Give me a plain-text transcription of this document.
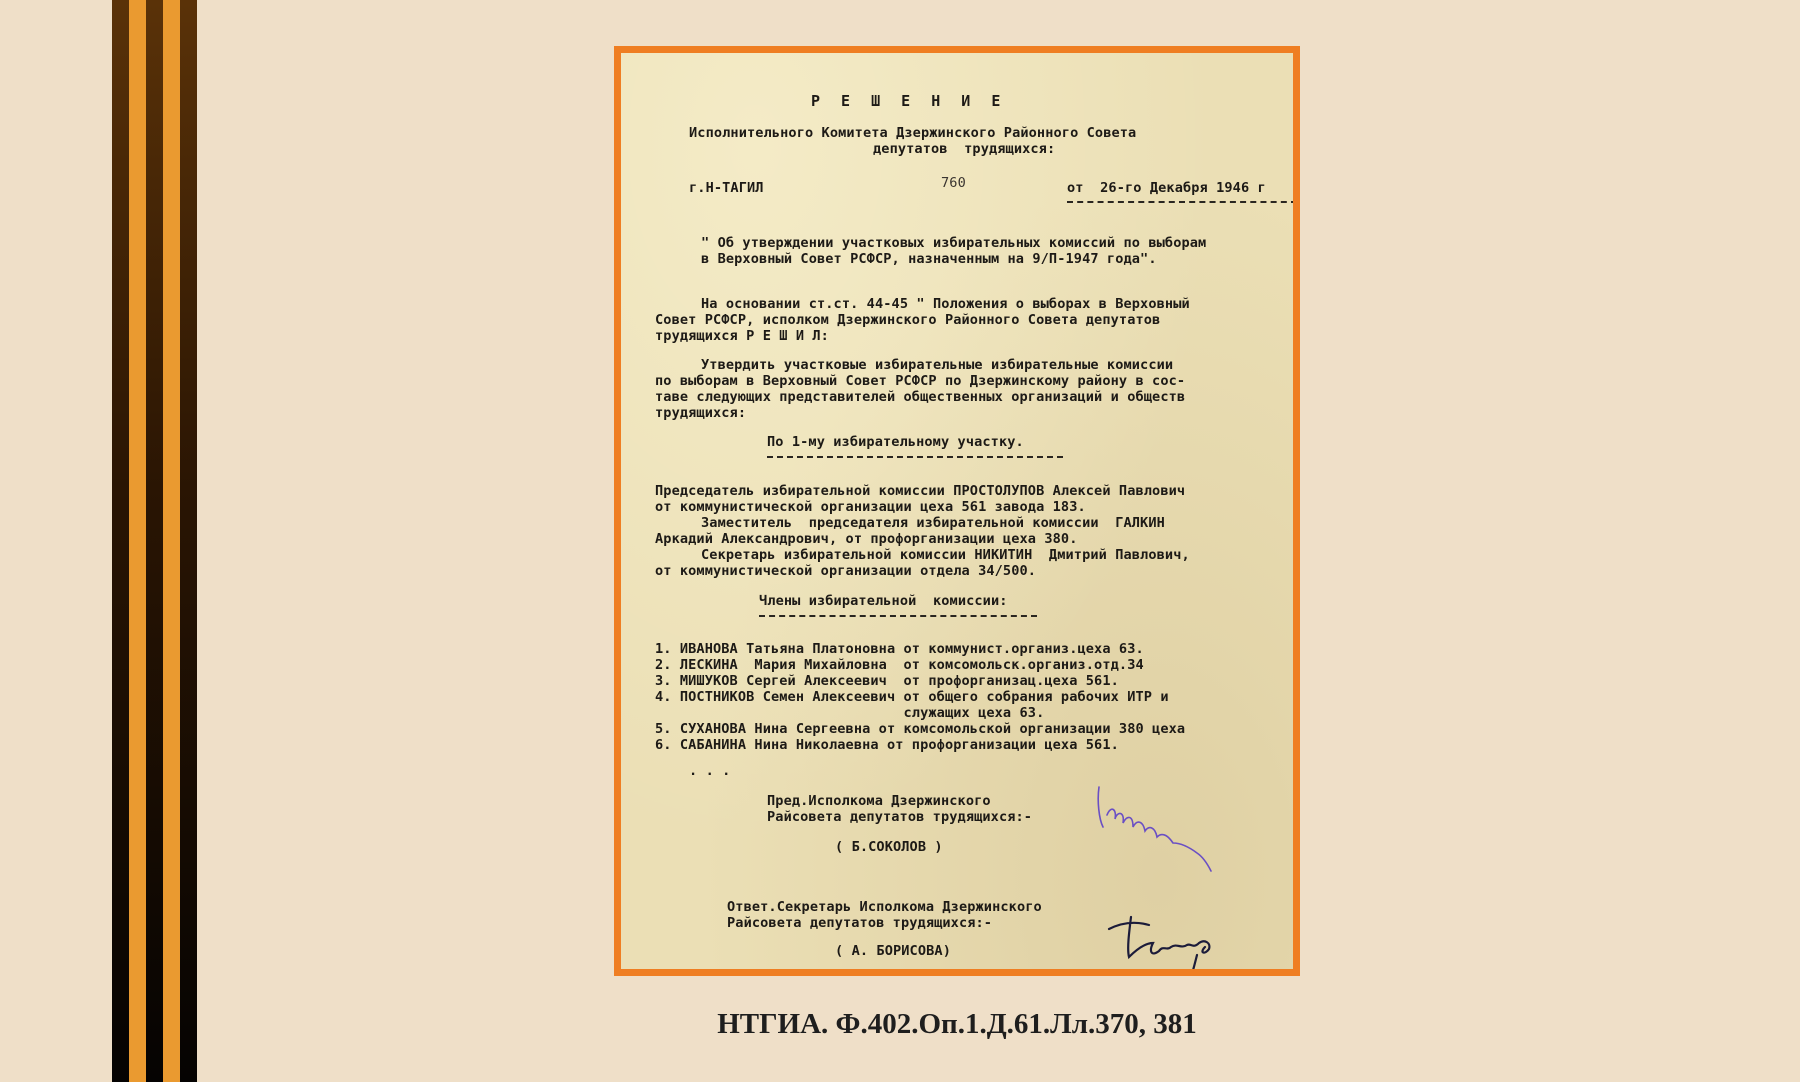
Р Е Ш Е Н И Е
Исполнительного Комитета Дзержинского Районного Совета
депутатов  трудящихся:
г.Н-ТАГИЛ	760	от  26-го Декабря 1946 г
" Об утверждении участковых избирательных комиссий по выборам
в Верховный Совет РСФСР, назначенным на 9/П-1947 года".
На основании ст.ст. 44-45 " Положения о выборах в Верховный
Совет РСФСР, исполком Дзержинского Районного Совета депутатов
трудящихся Р Е Ш И Л:
Утвердить участковые избирательные избирательные комиссии
по выборам в Верховный Совет РСФСР по Дзержинскому району в сос-
таве следующих представителей общественных организаций и обществ
трудящихся:
По 1-му избирательному участку.
Председатель избирательной комиссии ПРОСТОЛУПОВ Алексей Павлович
от коммунистической организации цеха 561 завода 183.
Заместитель  председателя избирательной комиссии  ГАЛКИН
Аркадий Александрович, от профорганизации цеха 380.
Секретарь избирательной комиссии НИКИТИН  Дмитрий Павлович,
от коммунистической организации отдела 34/500.
Члены избирательной  комиссии:
1. ИВАНОВА Татьяна Платоновна от коммунист.организ.цеха 63.
2. ЛЕСКИНА  Мария Михайловна  от комсомольск.организ.отд.34
3. МИШУКОВ Сергей Алексеевич  от профорганизац.цеха 561.
4. ПОСТНИКОВ Семен Алексеевич от общего собрания рабочих ИТР и
служащих цеха 63.
5. СУХАНОВА Нина Сергеевна от комсомольской организации 380 цеха
6. САБАНИНА Нина Николаевна от профорганизации цеха 561.
. . .
Пред.Исполкома Дзержинского
Райсовета депутатов трудящихся:-
( Б.СОКОЛОВ )
Ответ.Секретарь Исполкома Дзержинского
Райсовета депутатов трудящихся:-
( А. БОРИСОВА)
НТГИА. Ф.402.Оп.1.Д.61.Лл.370, 381
